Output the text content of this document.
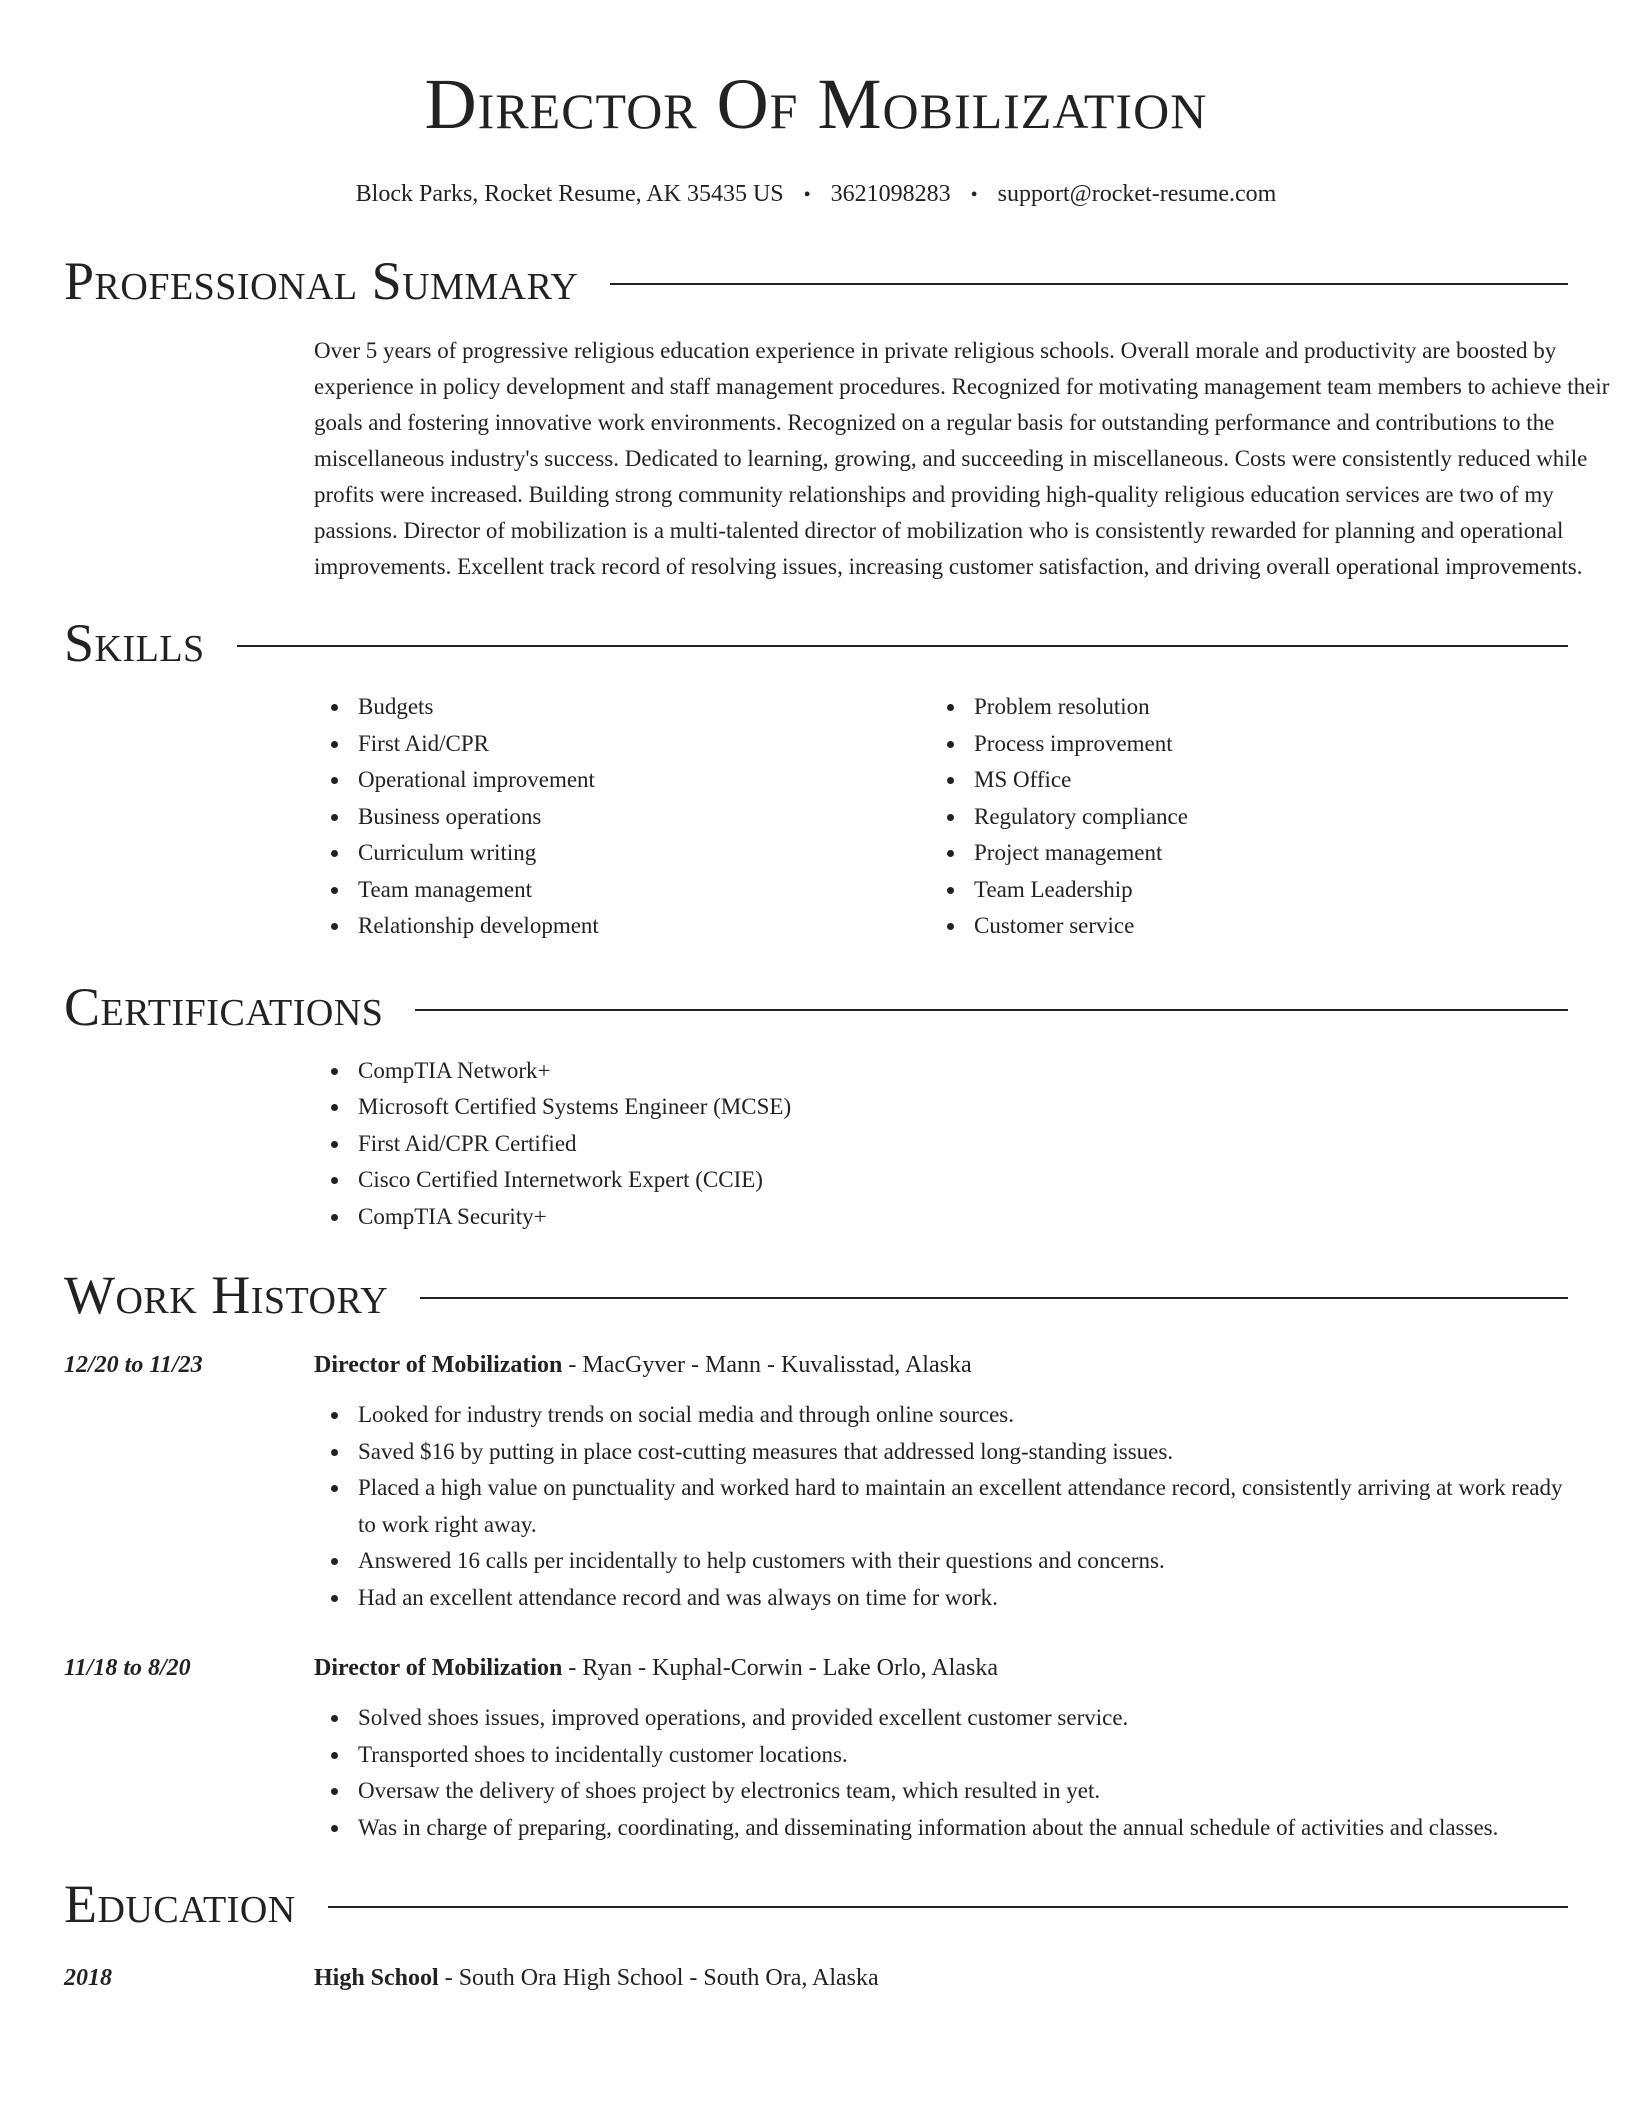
Director Of Mobilization
Block Parks, Rocket Resume, AK 35435 US • 3621098283 • support@rocket-resume.com
Professional Summary

Over 5 years of progressive religious education experience in private religious schools. Overall morale and productivity are boosted by experience in policy development and staff management procedures. Recognized for motivating management team members to achieve their goals and fostering innovative work environments. Recognized on a regular basis for outstanding performance and contributions to the miscellaneous industry's success. Dedicated to learning, growing, and succeeding in miscellaneous. Costs were consistently reduced while profits were increased. Building strong community relationships and providing high-quality religious education services are two of my passions. Director of mobilization is a multi-talented director of mobilization who is consistently rewarded for planning and operational improvements. Excellent track record of resolving issues, increasing customer satisfaction, and driving overall operational improvements.

Skills
Budgets
First Aid/CPR
Operational improvement
Business operations
Curriculum writing
Team management
Relationship development
Problem resolution
Process improvement
MS Office
Regulatory compliance
Project management
Team Leadership
Customer service
Certifications
CompTIA Network+
Microsoft Certified Systems Engineer (MCSE)
First Aid/CPR Certified
Cisco Certified Internetwork Expert (CCIE)
CompTIA Security+
Work History
12/20 to 11/23	Director of Mobilization - MacGyver - Mann - Kuvalisstad, Alaska
Looked for industry trends on social media and through online sources.
Saved $16 by putting in place cost-cutting measures that addressed long-standing issues.
Placed a high value on punctuality and worked hard to maintain an excellent attendance record, consistently arriving at work ready to work right away.
Answered 16 calls per incidentally to help customers with their questions and concerns.
Had an excellent attendance record and was always on time for work.
11/18 to 8/20	Director of Mobilization - Ryan - Kuphal-Corwin - Lake Orlo, Alaska
Solved shoes issues, improved operations, and provided excellent customer service.
Transported shoes to incidentally customer locations.
Oversaw the delivery of shoes project by electronics team, which resulted in yet.
Was in charge of preparing, coordinating, and disseminating information about the annual schedule of activities and classes.
Education
2018	High School - South Ora High School - South Ora, Alaska
